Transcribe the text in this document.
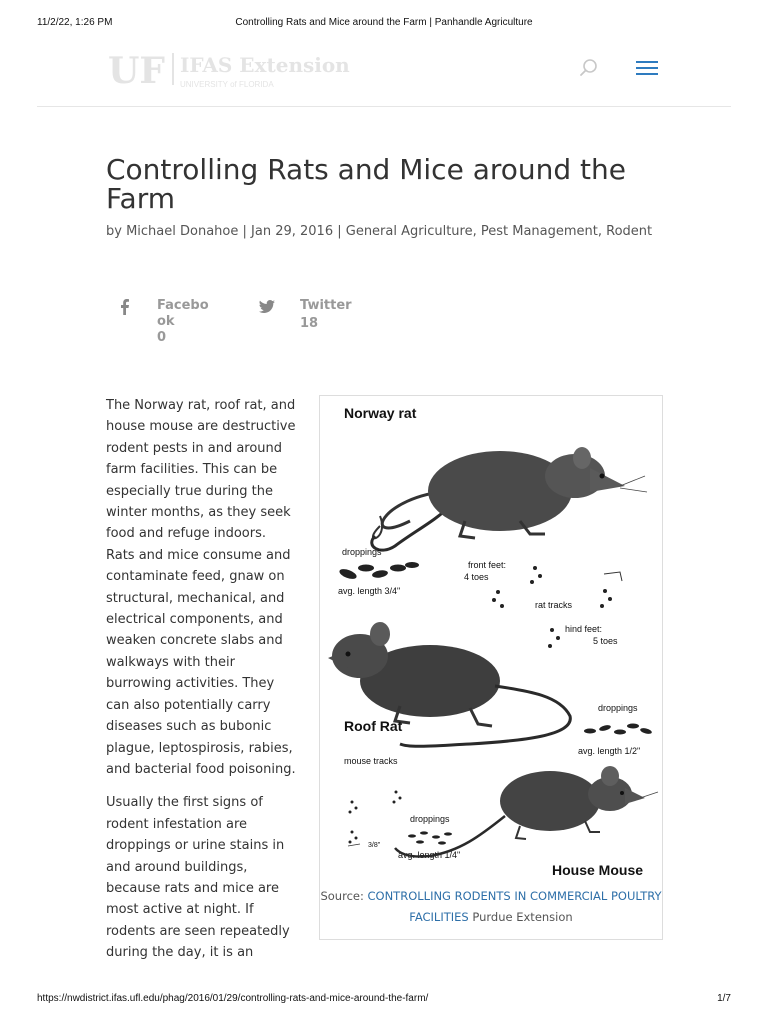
11/2/22, 1:26 PM	Controlling Rats and Mice around the Farm | Panhandle Agriculture
UF IFAS Extension
UNIVERSITY of FLORIDA
Controlling Rats and Mice around the Farm
by Michael Donahoe | Jan 29, 2016 | General Agriculture, Pest Management, Rodent
Facebook
0
Twitter
18

The Norway rat, roof rat, and house mouse are destructive rodent pests in and around farm facilities. This can be especially true during the winter months, as they seek food and refuge indoors. Rats and mice consume and contaminate feed, gnaw on structural, mechanical, and electrical components, and weaken concrete slabs and walkways with their burrowing activities. They can also potentially carry diseases such as bubonic plague, leptospirosis, rabies, and bacterial food poisoning.

Usually the first signs of rodent infestation are droppings or urine stains in and around buildings, because rats and mice are most active at night. If rodents are seen repeatedly during the day, it is an

Norway rat
droppings
avg. length 3/4"
front feet:
4 toes
rat tracks
hind feet:
5 toes
Roof Rat
droppings
avg. length 1/2"
mouse tracks
3/8"
droppings
avg. length 1/4"
House Mouse
Source: CONTROLLING RODENTS IN COMMERCIAL POULTRY FACILITIES Purdue Extension
https://nwdistrict.ifas.ufl.edu/phag/2016/01/29/controlling-rats-and-mice-around-the-farm/	1/7
